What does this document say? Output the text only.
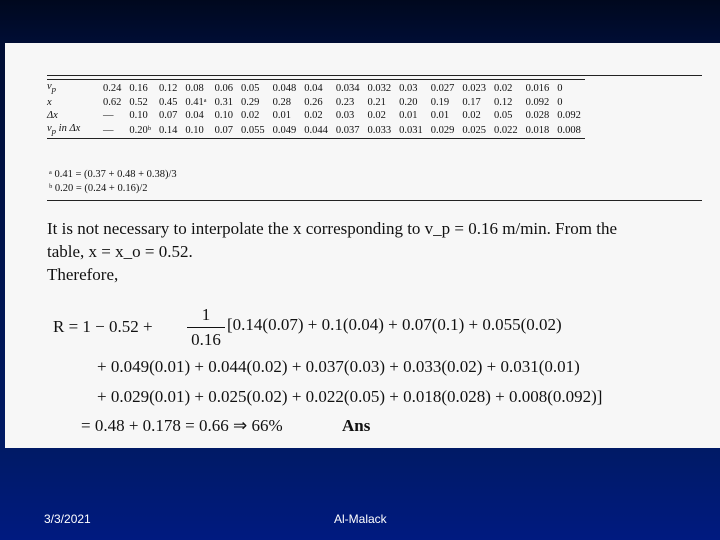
$v_p$	0.24	0.16	0.12	0.08	0.06	0.05	0.048	0.04	0.034	0.032	0.03	0.027	0.023	0.02	0.016	0
x	0.62	0.52	0.45	0.41ᵃ	0.31	0.29	0.28	0.26	0.23	0.21	0.20	0.19	0.17	0.12	0.092	0
Δx	—	0.10	0.07	0.04	0.10	0.02	0.01	0.02	0.03	0.02	0.01	0.01	0.02	0.05	0.028	0.092
$v_p$ in Δx	—	0.20ᵇ	0.14	0.10	0.07	0.055	0.049	0.044	0.037	0.033	0.031	0.029	0.025	0.022	0.018	0.008
ᵃ 0.41 = (0.37 + 0.48 + 0.38)/3
ᵇ 0.20 = (0.24 + 0.16)/2
It is not necessary to interpolate the x corresponding to v_p = 0.16 m/min. From the
table, x = x_o = 0.52.
Therefore,
R = 1 − 0.52 +
1
0.16
[0.14(0.07) + 0.1(0.04) + 0.07(0.1) + 0.055(0.02)
+ 0.049(0.01) + 0.044(0.02) + 0.037(0.03) + 0.033(0.02) + 0.031(0.01)
+ 0.029(0.01) + 0.025(0.02) + 0.022(0.05) + 0.018(0.028) + 0.008(0.092)]
= 0.48 + 0.178 = 0.66 ⇒ 66%	Ans
3/3/2021	Al-Malack
